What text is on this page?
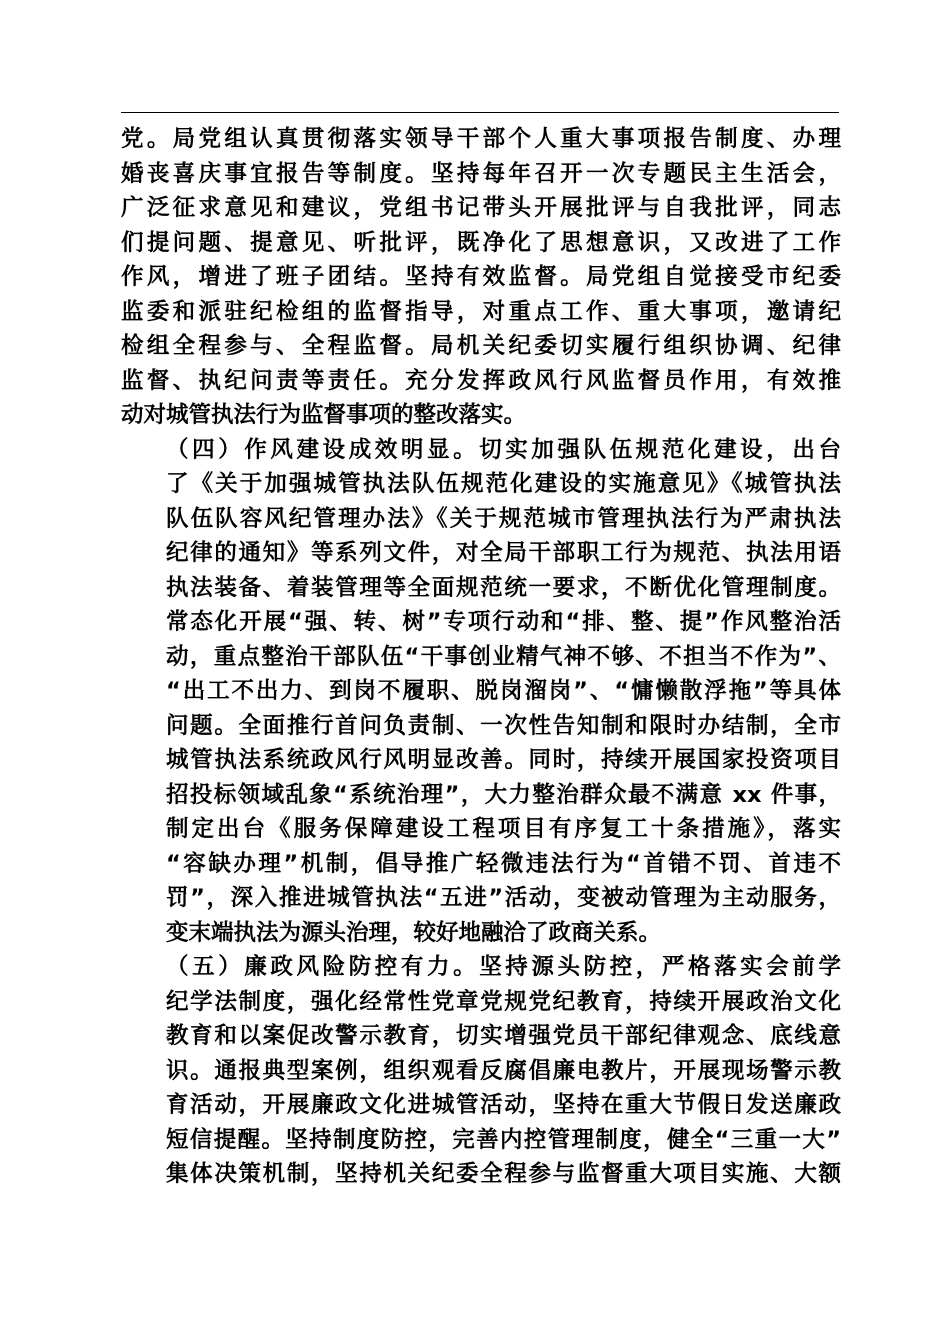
党。局党组认真贯彻落实领导干部个人重大事项报告制度、办理
婚丧喜庆事宜报告等制度。坚持每年召开一次专题民主生活会，
广泛征求意见和建议，党组书记带头开展批评与自我批评，同志
们提问题、提意见、听批评，既净化了思想意识，又改进了工作
作风，增进了班子团结。坚持有效监督。局党组自觉接受市纪委
监委和派驻纪检组的监督指导，对重点工作、重大事项，邀请纪
检组全程参与、全程监督。局机关纪委切实履行组织协调、纪律
监督、执纪问责等责任。充分发挥政风行风监督员作用，有效推
动对城管执法行为监督事项的整改落实。

（四）作风建设成效明显。切实加强队伍规范化建设，出台
了《关于加强城管执法队伍规范化建设的实施意见》《城管执法
队伍队容风纪管理办法》《关于规范城市管理执法行为严肃执法
纪律的通知》等系列文件，对全局干部职工行为规范、执法用语
执法装备、着装管理等全面规范统一要求，不断优化管理制度。
常态化开展“强、转、树”专项行动和“排、整、提”作风整治活
动，重点整治干部队伍“干事创业精气神不够、不担当不作为”、
“出工不出力、到岗不履职、脱岗溜岗”、“慵懒散浮拖”等具体
问题。全面推行首问负责制、一次性告知制和限时办结制，全市
城管执法系统政风行风明显改善。同时，持续开展国家投资项目
招投标领域乱象“系统治理”，大力整治群众最不满意 xx 件事，
制定出台《服务保障建设工程项目有序复工十条措施》，落实
“容缺办理”机制，倡导推广轻微违法行为“首错不罚、首违不
罚”，深入推进城管执法“五进”活动，变被动管理为主动服务，
变末端执法为源头治理，较好地融洽了政商关系。

（五）廉政风险防控有力。坚持源头防控，严格落实会前学
纪学法制度，强化经常性党章党规党纪教育，持续开展政治文化
教育和以案促改警示教育，切实增强党员干部纪律观念、底线意
识。通报典型案例，组织观看反腐倡廉电教片，开展现场警示教
育活动，开展廉政文化进城管活动，坚持在重大节假日发送廉政
短信提醒。坚持制度防控，完善内控管理制度，健全“三重一大”
集体决策机制，坚持机关纪委全程参与监督重大项目实施、大额
